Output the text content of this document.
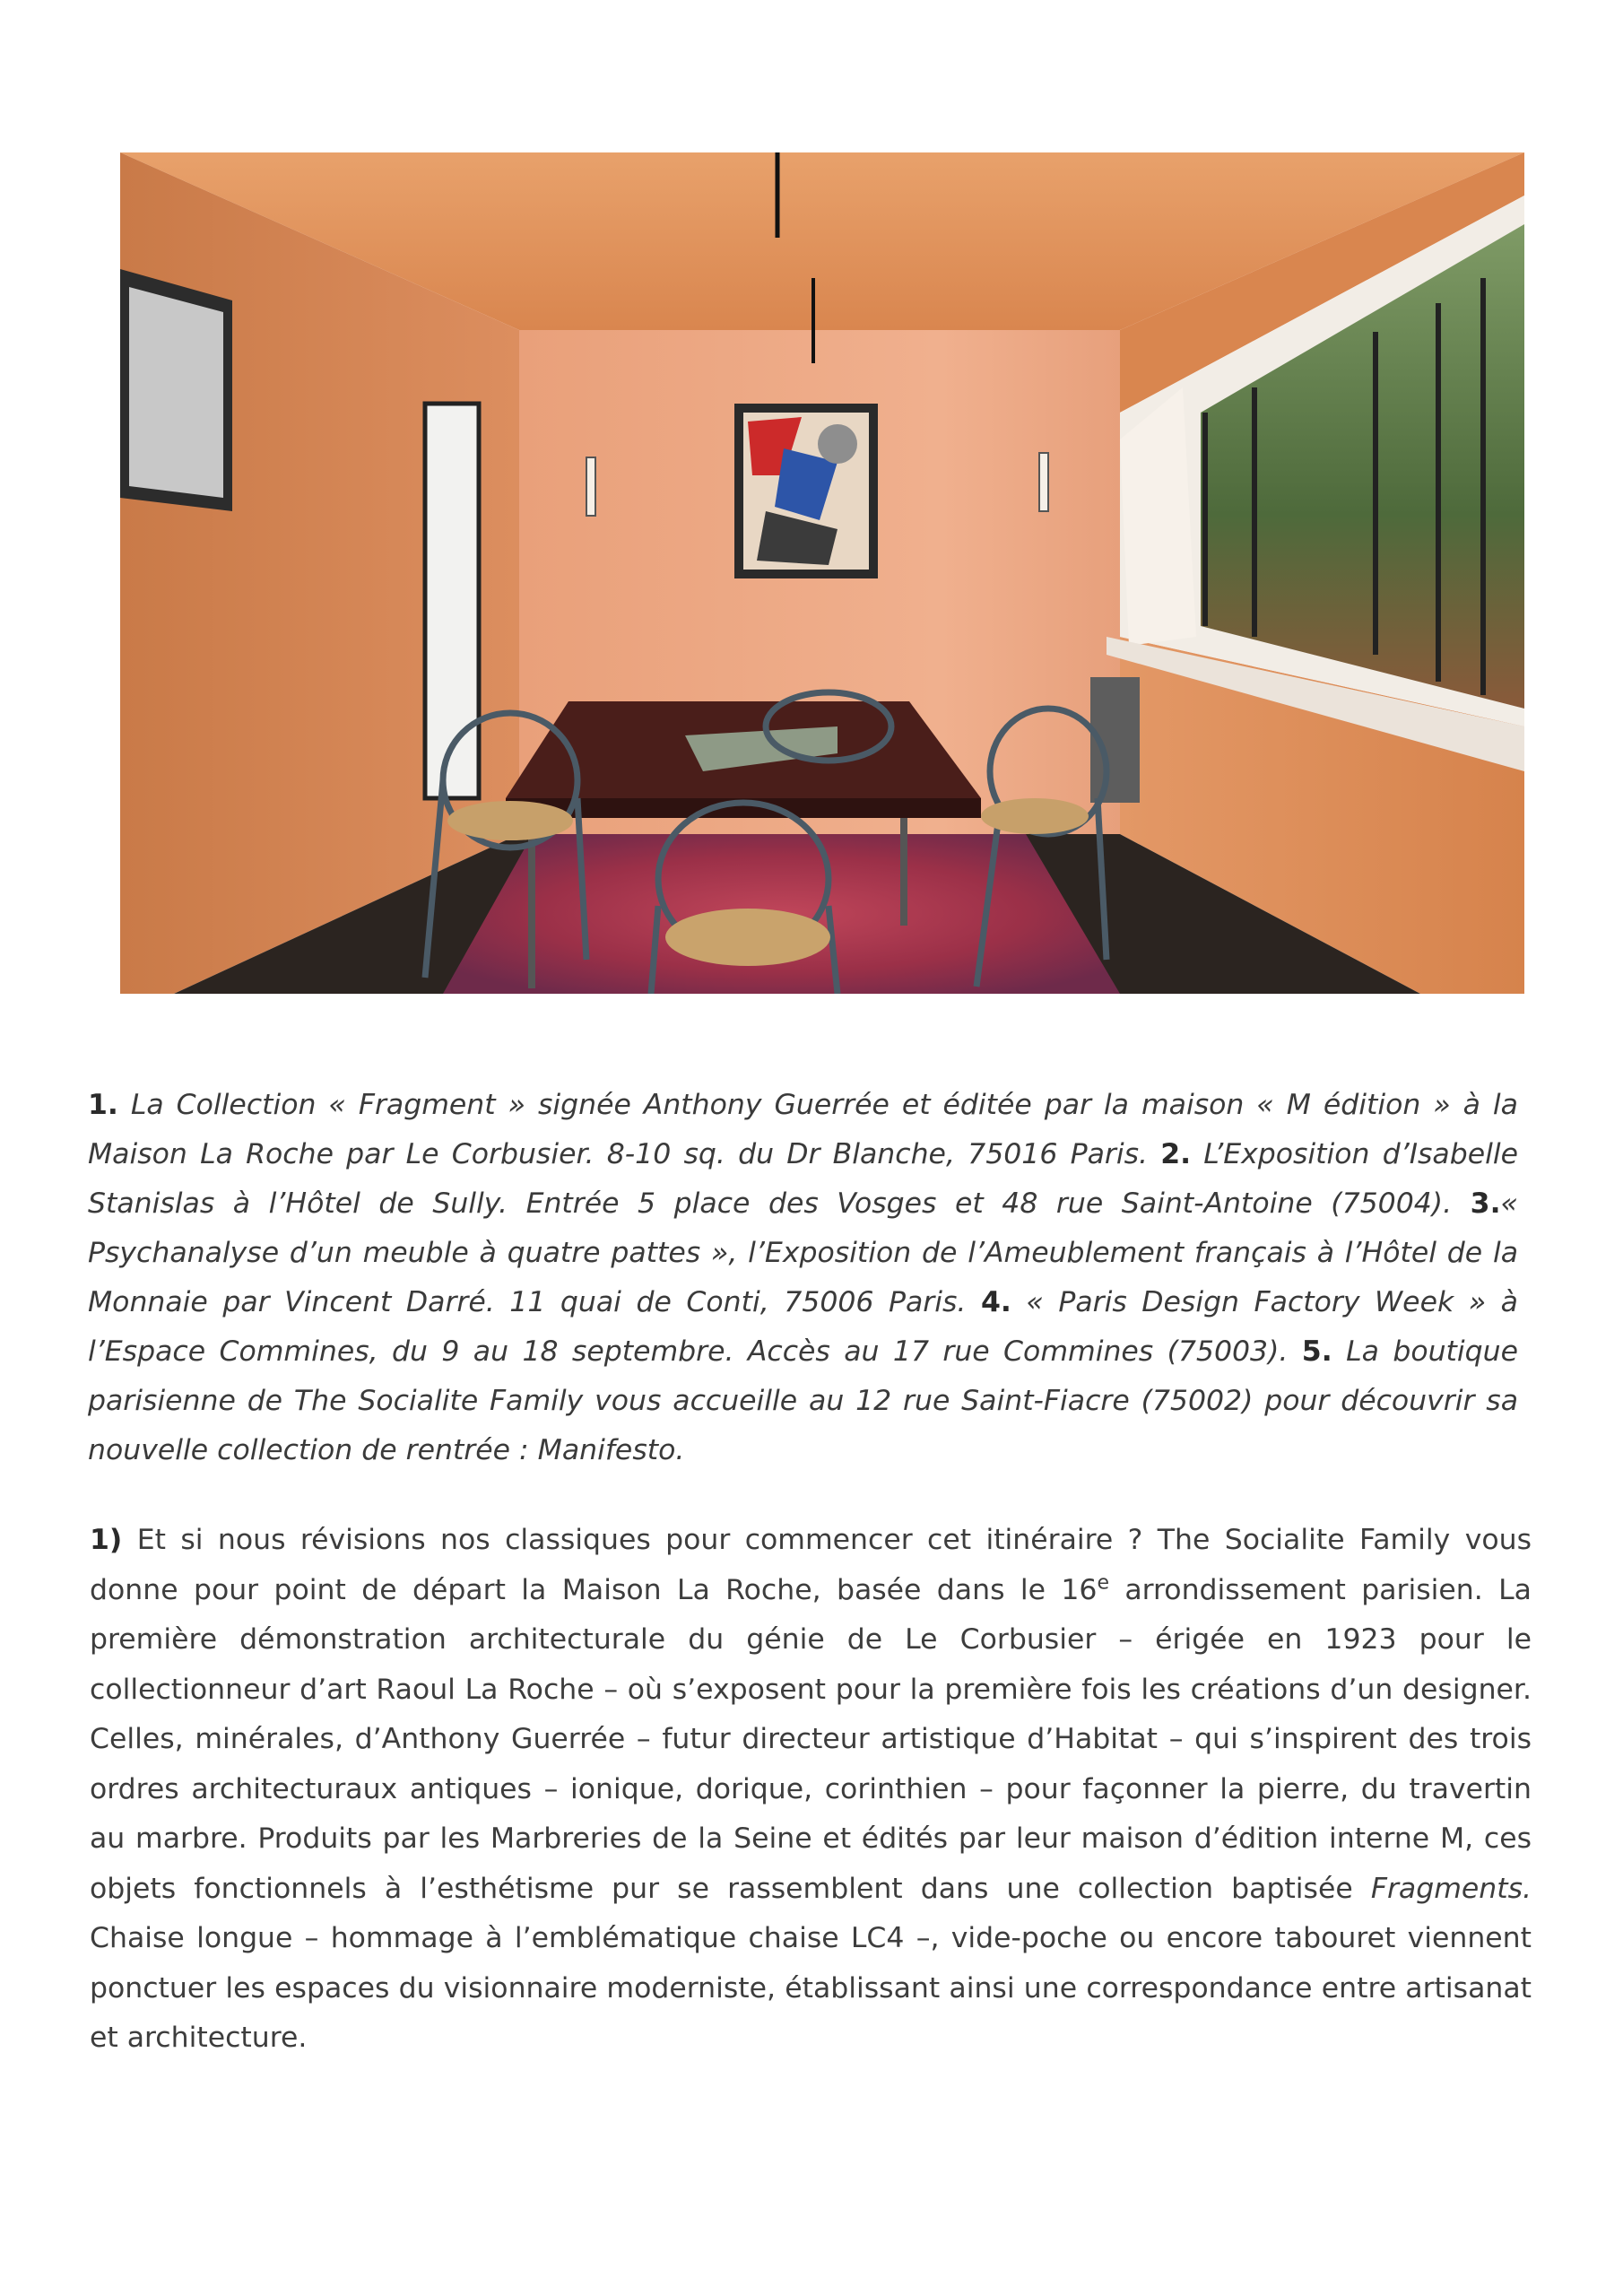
1. La Collection « Fragment » signée Anthony Guerrée et éditée par la maison « M édition » à la Maison La Roche par Le Corbusier. 8-10 sq. du Dr Blanche, 75016 Paris. 2. L’Exposition d’Isabelle Stanislas à l’Hôtel de Sully. Entrée 5 place des Vosges et 48 rue Saint-Antoine (75004). 3.« Psychanalyse d’un meuble à quatre pattes », l’Exposition de l’Ameublement français à l’Hôtel de la Monnaie par Vincent Darré. 11 quai de Conti, 75006 Paris. 4. « Paris Design Factory Week » à l’Espace Commines, du 9 au 18 septembre. Accès au 17 rue Commines (75003). 5. La boutique parisienne de The Socialite Family vous accueille au 12 rue Saint-Fiacre (75002) pour découvrir sa nouvelle collection de rentrée : Manifesto.
1) Et si nous révisions nos classiques pour commencer cet itinéraire ? The Socialite Family vous donne pour point de départ la Maison La Roche, basée dans le 16e arrondissement parisien. La première démonstration architecturale du génie de Le Corbusier – érigée en 1923 pour le collectionneur d’art Raoul La Roche – où s’exposent pour la première fois les créations d’un designer. Celles, minérales, d’Anthony Guerrée – futur directeur artistique d’Habitat – qui s’inspirent des trois ordres architecturaux antiques – ionique, dorique, corinthien – pour façonner la pierre, du travertin au marbre. Produits par les Marbreries de la Seine et édités par leur maison d’édition interne M, ces objets fonctionnels à l’esthétisme pur se rassemblent dans une collection baptisée Fragments. Chaise longue – hommage à l’emblématique chaise LC4 –, vide-poche ou encore tabouret viennent ponctuer les espaces du visionnaire moderniste, établissant ainsi une correspondance entre artisanat et architecture.
